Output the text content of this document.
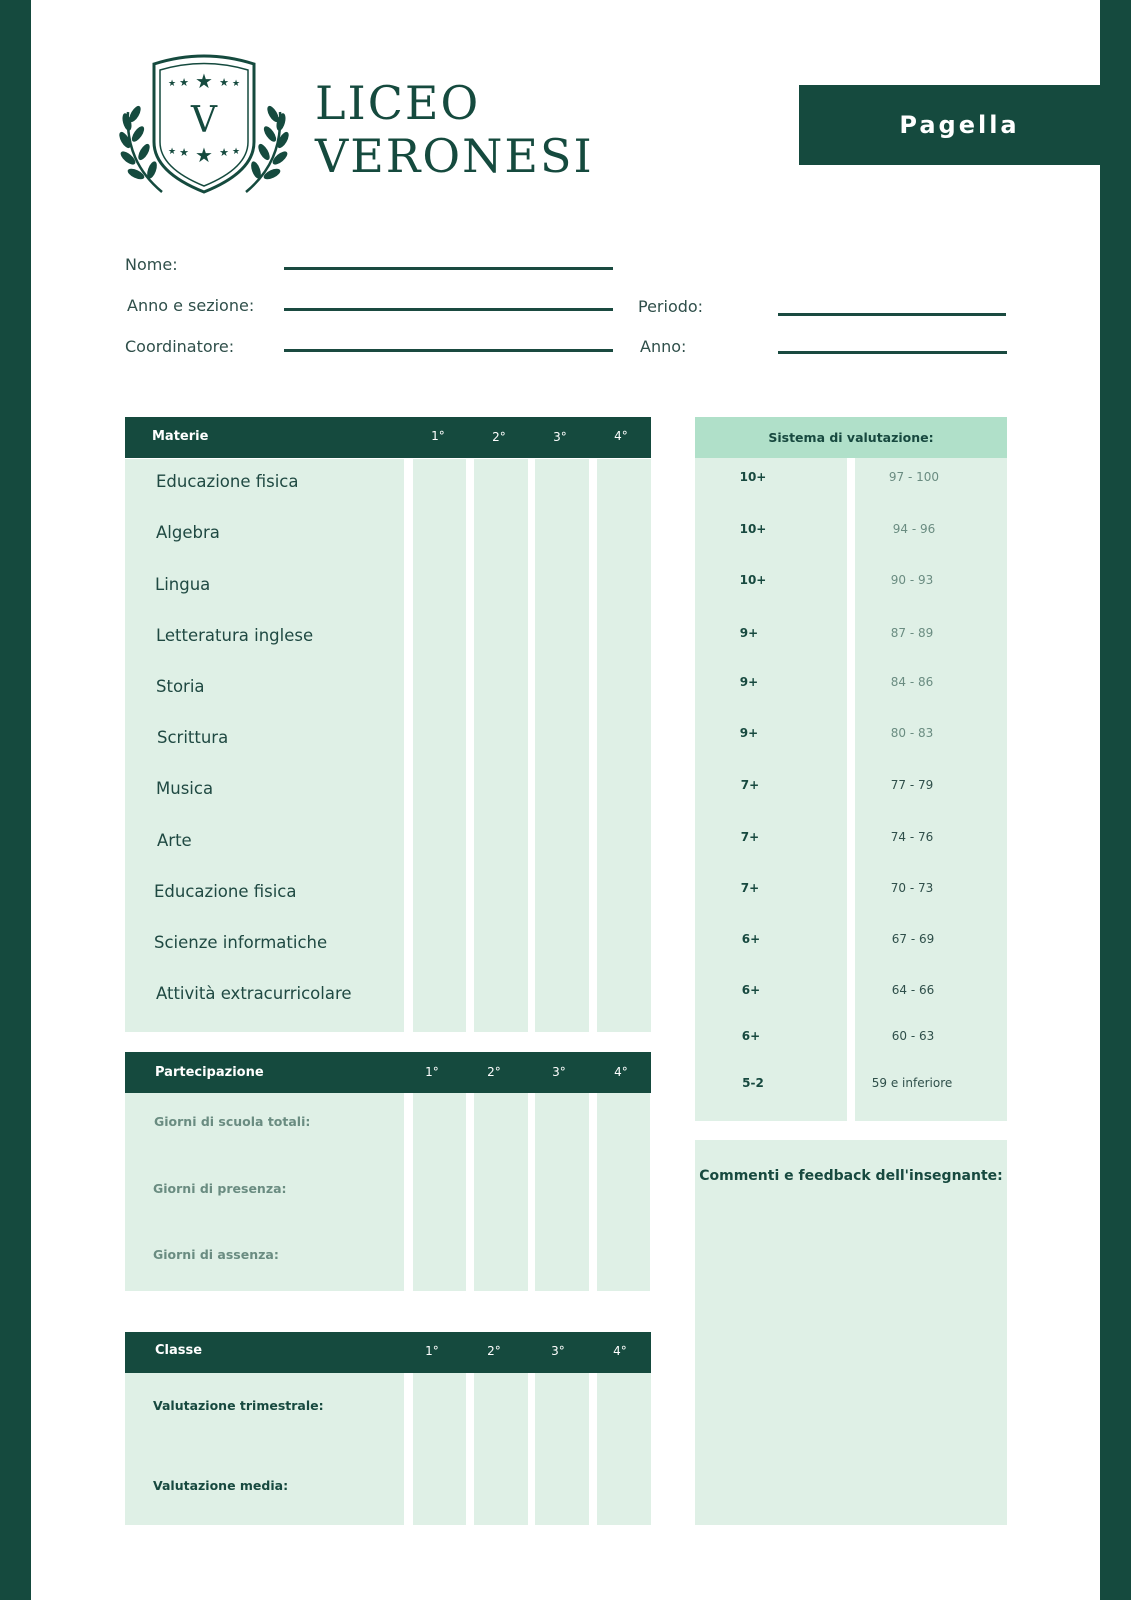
★
★	★
★	★
★
★	★
★	★
V LICEO
VERONESI
Pagella
Nome:
Anno e sezione:
Coordinatore:
Periodo:
Anno:
Materie	1°	2°	3°	4°
Educazione fisica
Algebra
Lingua
Letteratura inglese
Storia
Scrittura
Musica
Arte
Educazione fisica
Scienze informatiche
Attività extracurricolare
Partecipazione	1°	2°	3°	4°
Giorni di scuola totali:
Giorni di presenza:
Giorni di assenza:
Classe	1°	2°	3°	4°
Valutazione trimestrale:
Valutazione media:
Sistema di valutazione:
10+	97 - 100
10+	94 - 96
10+	90 - 93
9+	87 - 89
9+	84 - 86
9+	80 - 83
7+	77 - 79
7+	74 - 76
7+	70 - 73
6+	67 - 69
6+	64 - 66
6+	60 - 63
5-2	59 e inferiore
Commenti e feedback dell'insegnante:
